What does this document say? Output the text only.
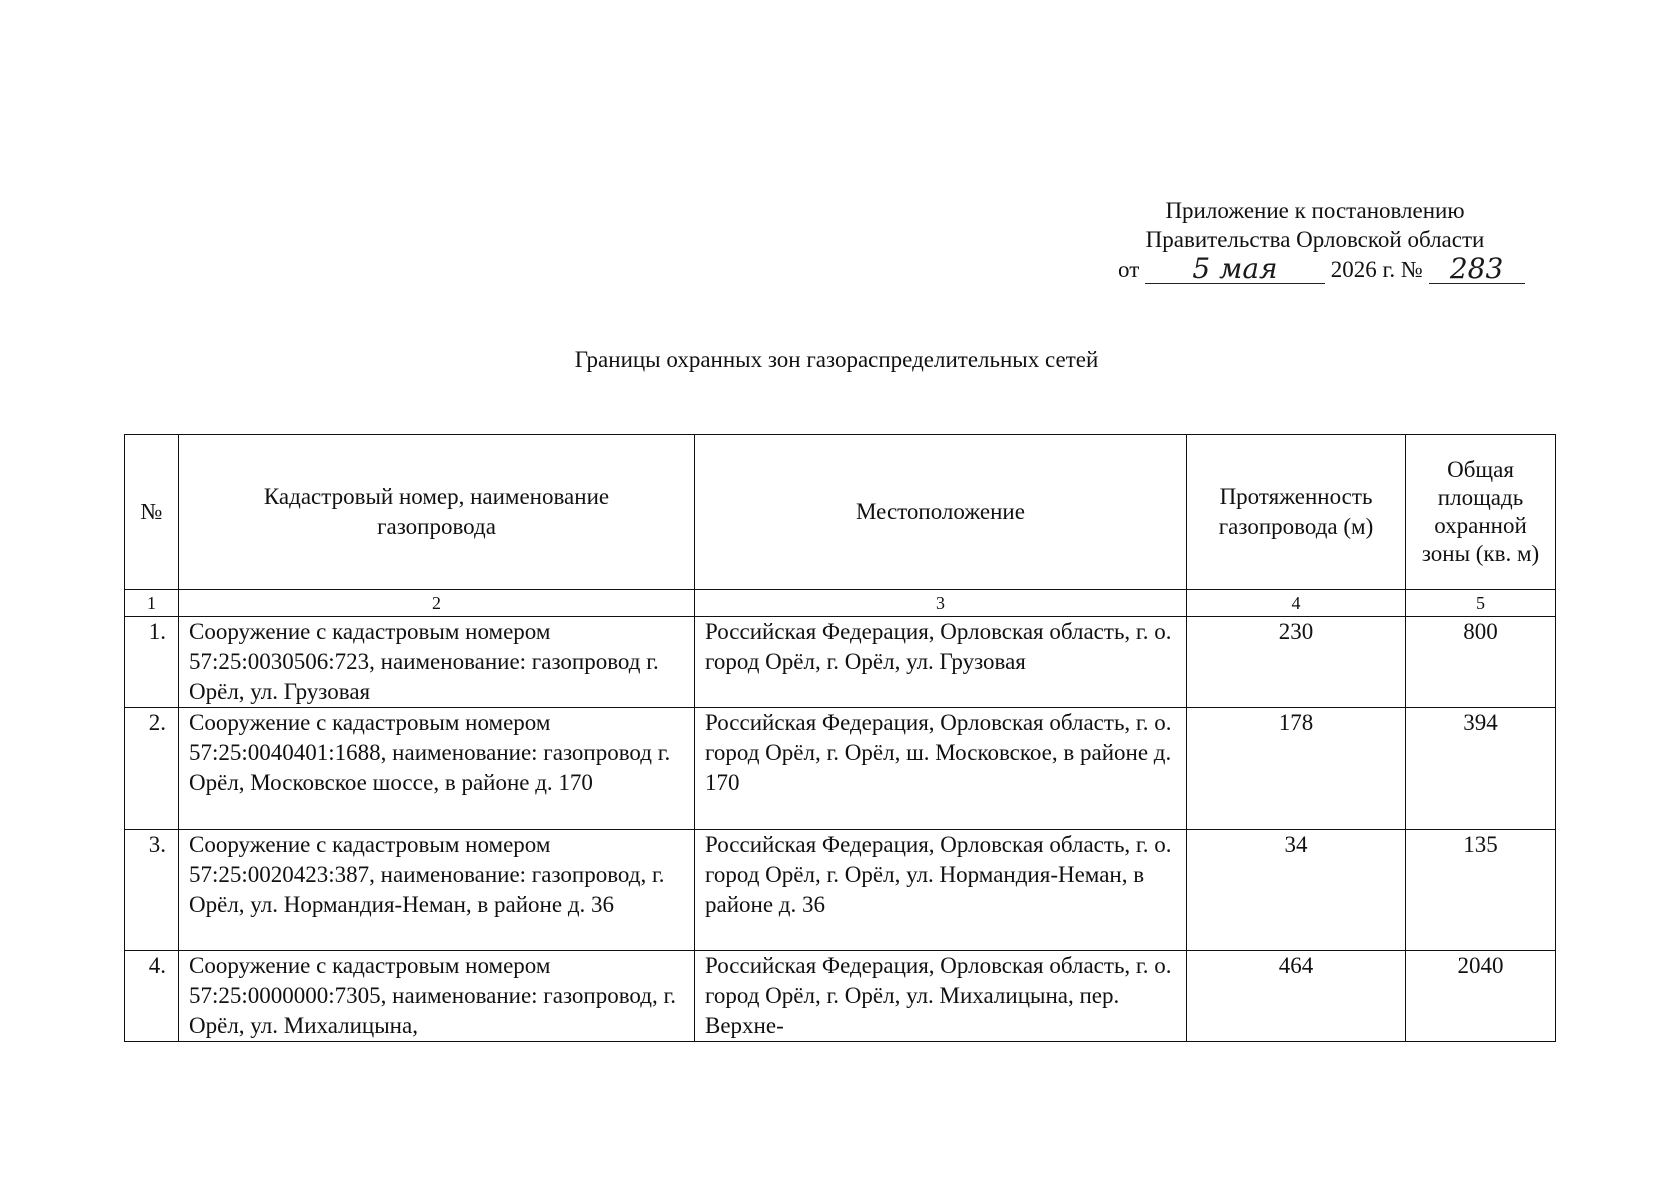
Приложение к постановлению
Правительства Орловской области
от 5 мая 2026 г. № 283
Границы охранных зон газораспределительных сетей
№	Кадастровый номер, наименование газопровода	Местоположение	Протяженность газопровода (м)	Общая площадь охранной зоны (кв. м)
1	2	3	4	5
1.	Сооружение с кадастровым номером 57:25:0030506:723, наименование: газопровод г. Орёл, ул. Грузовая	Российская Федерация, Орловская область, г. о. город Орёл, г. Орёл, ул. Грузовая	230	800
2.	Сооружение с кадастровым номером 57:25:0040401:1688, наименование: газопровод г. Орёл, Московское шоссе, в районе д. 170	Российская Федерация, Орловская область, г. о. город Орёл, г. Орёл, ш. Московское, в районе д. 170	178	394
3.	Сооружение с кадастровым номером 57:25:0020423:387, наименование: газопровод, г. Орёл, ул. Нормандия-Неман, в районе д. 36	Российская Федерация, Орловская область, г. о. город Орёл, г. Орёл, ул. Нормандия-Неман, в районе д. 36	34	135
4.	Сооружение с кадастровым номером 57:25:0000000:7305, наименование: газопровод, г. Орёл, ул. Михалицына,	Российская Федерация, Орловская область, г. о. город Орёл, г. Орёл, ул. Михалицына, пер. Верхне-	464	2040
